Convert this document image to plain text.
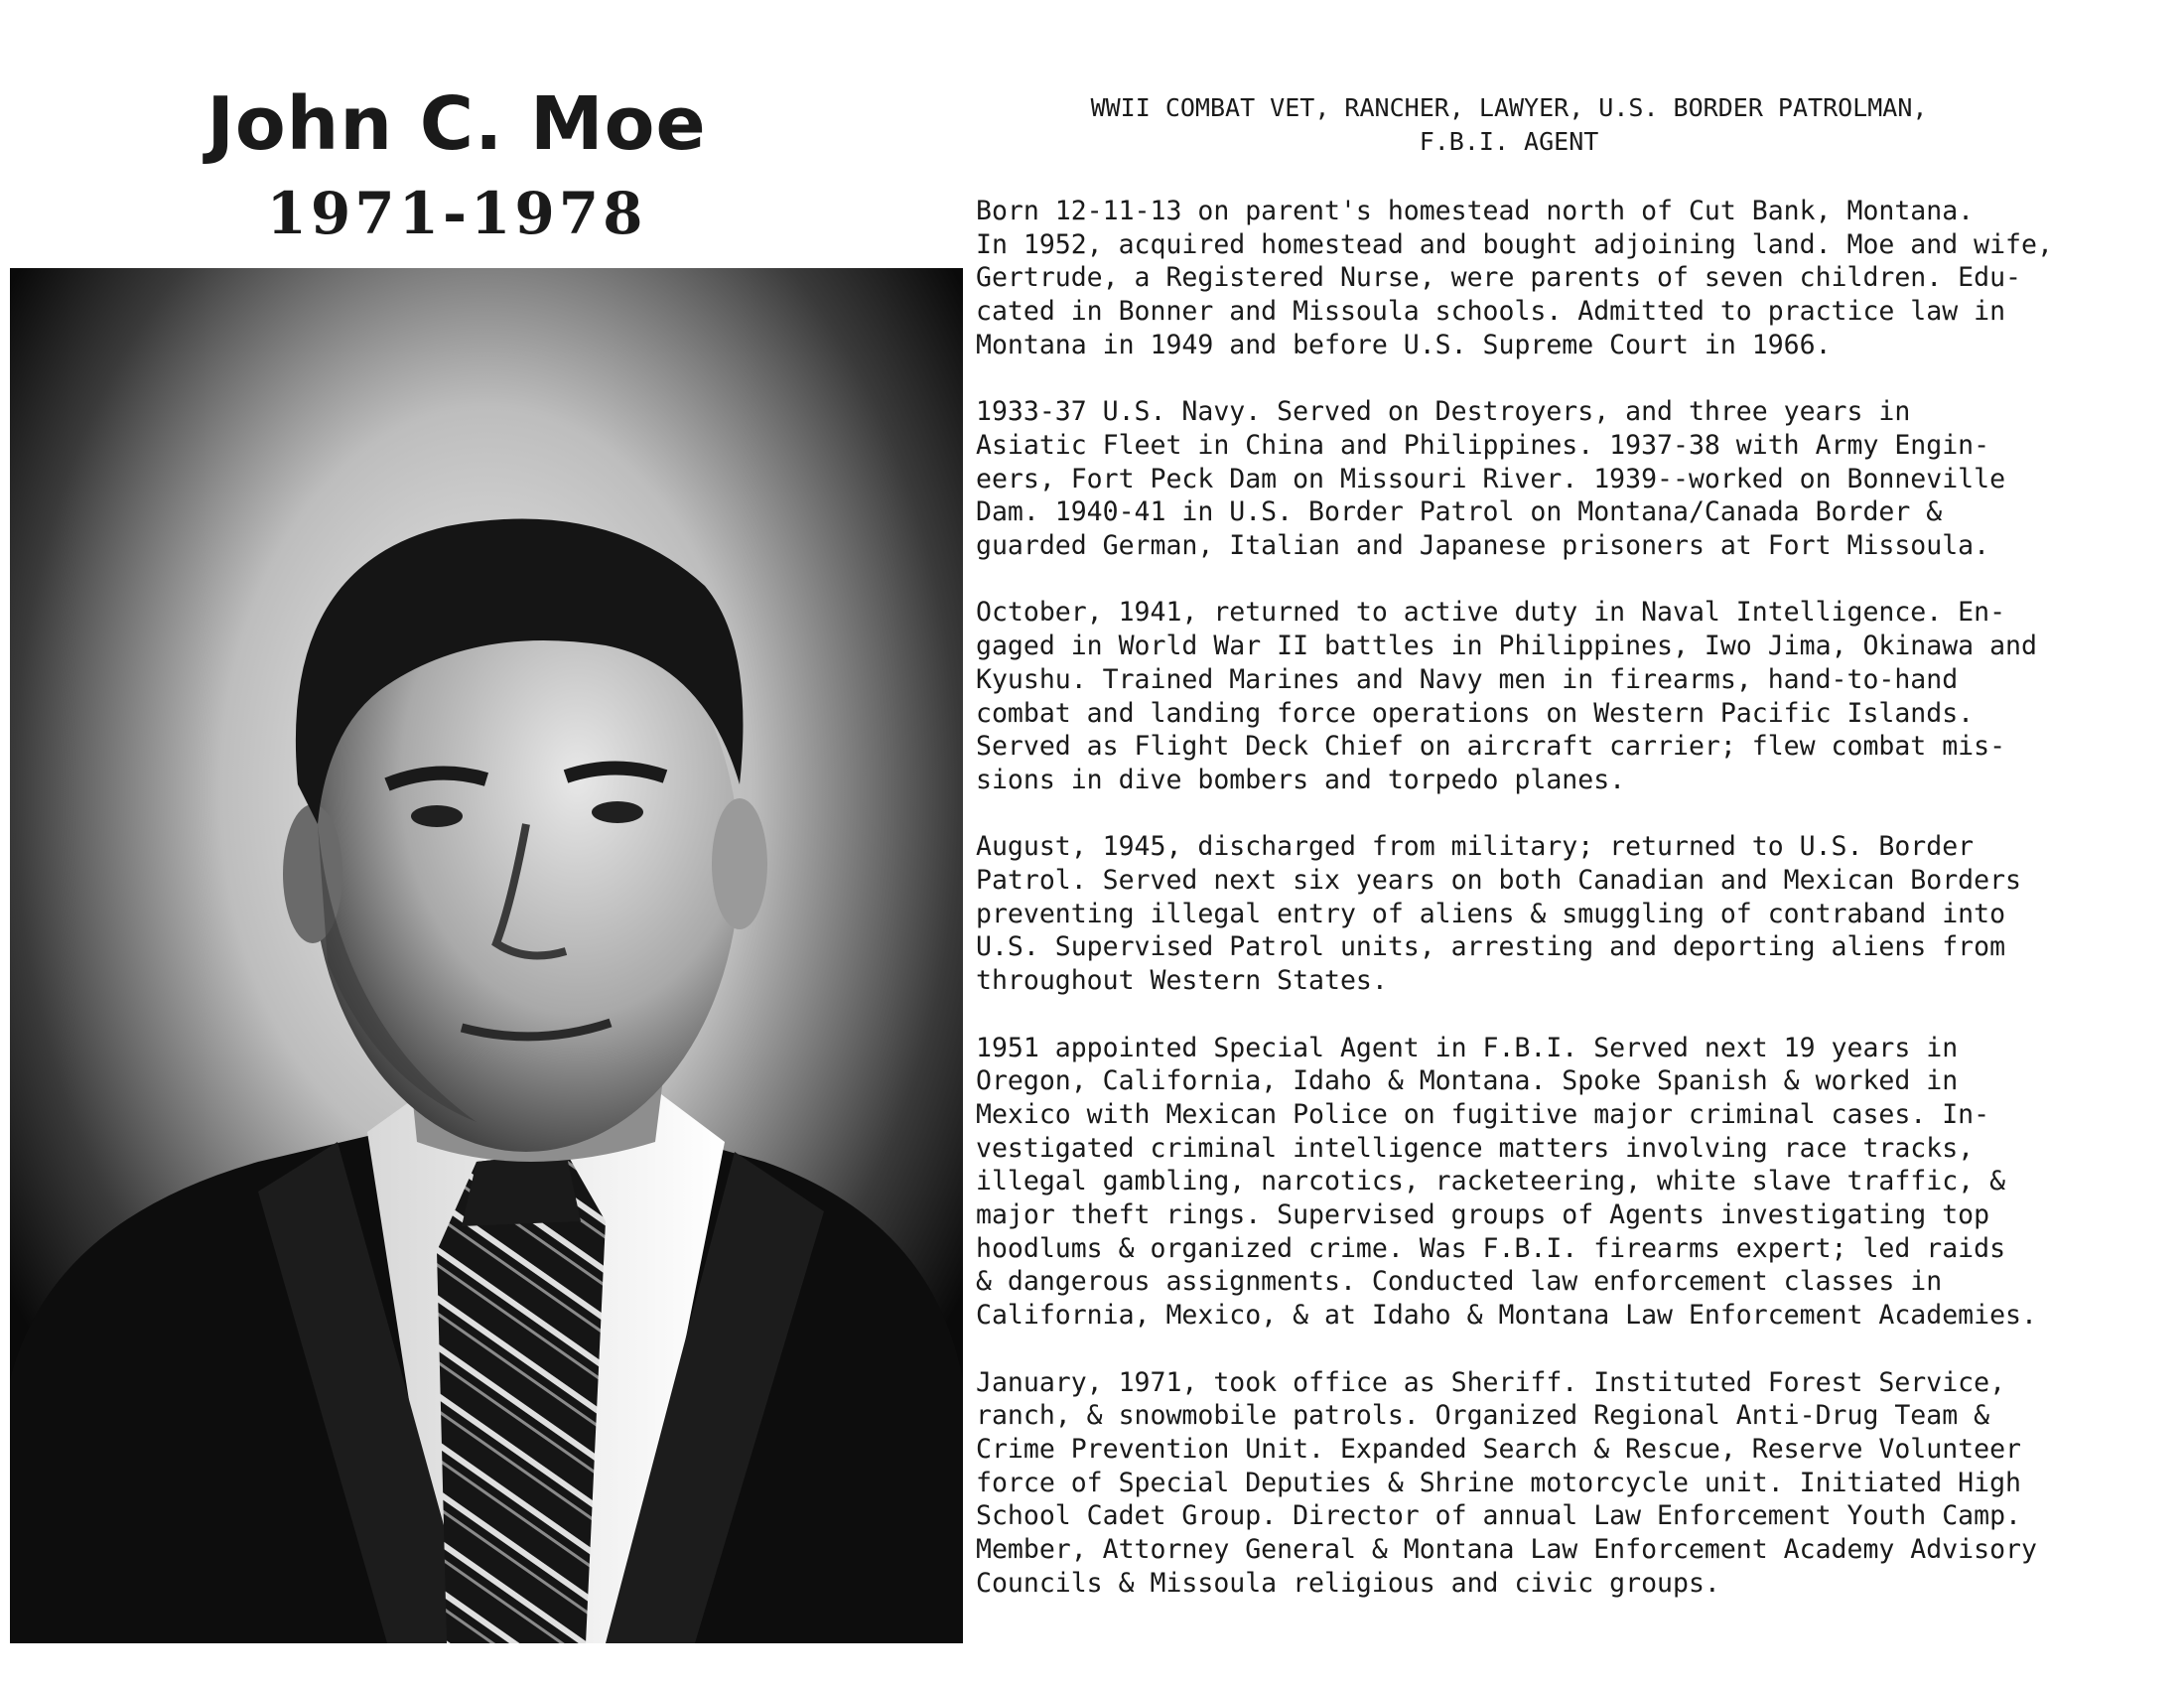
John C. Moe
1971-1978
WWII COMBAT VET, RANCHER, LAWYER, U.S. BORDER PATROLMAN,
F.B.I. AGENT

Born 12-11-13 on parent's homestead north of Cut Bank, Montana.
In 1952, acquired homestead and bought adjoining land. Moe and wife,
Gertrude, a Registered Nurse, were parents of seven children. Edu-
cated in Bonner and Missoula schools. Admitted to practice law in
Montana in 1949 and before U.S. Supreme Court in 1966.

1933-37 U.S. Navy. Served on Destroyers, and three years in
Asiatic Fleet in China and Philippines. 1937-38 with Army Engin-
eers, Fort Peck Dam on Missouri River. 1939--worked on Bonneville
Dam. 1940-41 in U.S. Border Patrol on Montana/Canada Border &
guarded German, Italian and Japanese prisoners at Fort Missoula.

October, 1941, returned to active duty in Naval Intelligence. En-
gaged in World War II battles in Philippines, Iwo Jima, Okinawa and
Kyushu. Trained Marines and Navy men in firearms, hand-to-hand
combat and landing force operations on Western Pacific Islands.
Served as Flight Deck Chief on aircraft carrier; flew combat mis-
sions in dive bombers and torpedo planes.

August, 1945, discharged from military; returned to U.S. Border
Patrol. Served next six years on both Canadian and Mexican Borders
preventing illegal entry of aliens & smuggling of contraband into
U.S. Supervised Patrol units, arresting and deporting aliens from
throughout Western States.

1951 appointed Special Agent in F.B.I. Served next 19 years in
Oregon, California, Idaho & Montana. Spoke Spanish & worked in
Mexico with Mexican Police on fugitive major criminal cases. In-
vestigated criminal intelligence matters involving race tracks,
illegal gambling, narcotics, racketeering, white slave traffic, &
major theft rings. Supervised groups of Agents investigating top
hoodlums & organized crime. Was F.B.I. firearms expert; led raids
& dangerous assignments. Conducted law enforcement classes in
California, Mexico, & at Idaho & Montana Law Enforcement Academies.

January, 1971, took office as Sheriff. Instituted Forest Service,
ranch, & snowmobile patrols. Organized Regional Anti-Drug Team &
Crime Prevention Unit. Expanded Search & Rescue, Reserve Volunteer
force of Special Deputies & Shrine motorcycle unit. Initiated High
School Cadet Group. Director of annual Law Enforcement Youth Camp.
Member, Attorney General & Montana Law Enforcement Academy Advisory
Councils & Missoula religious and civic groups.
